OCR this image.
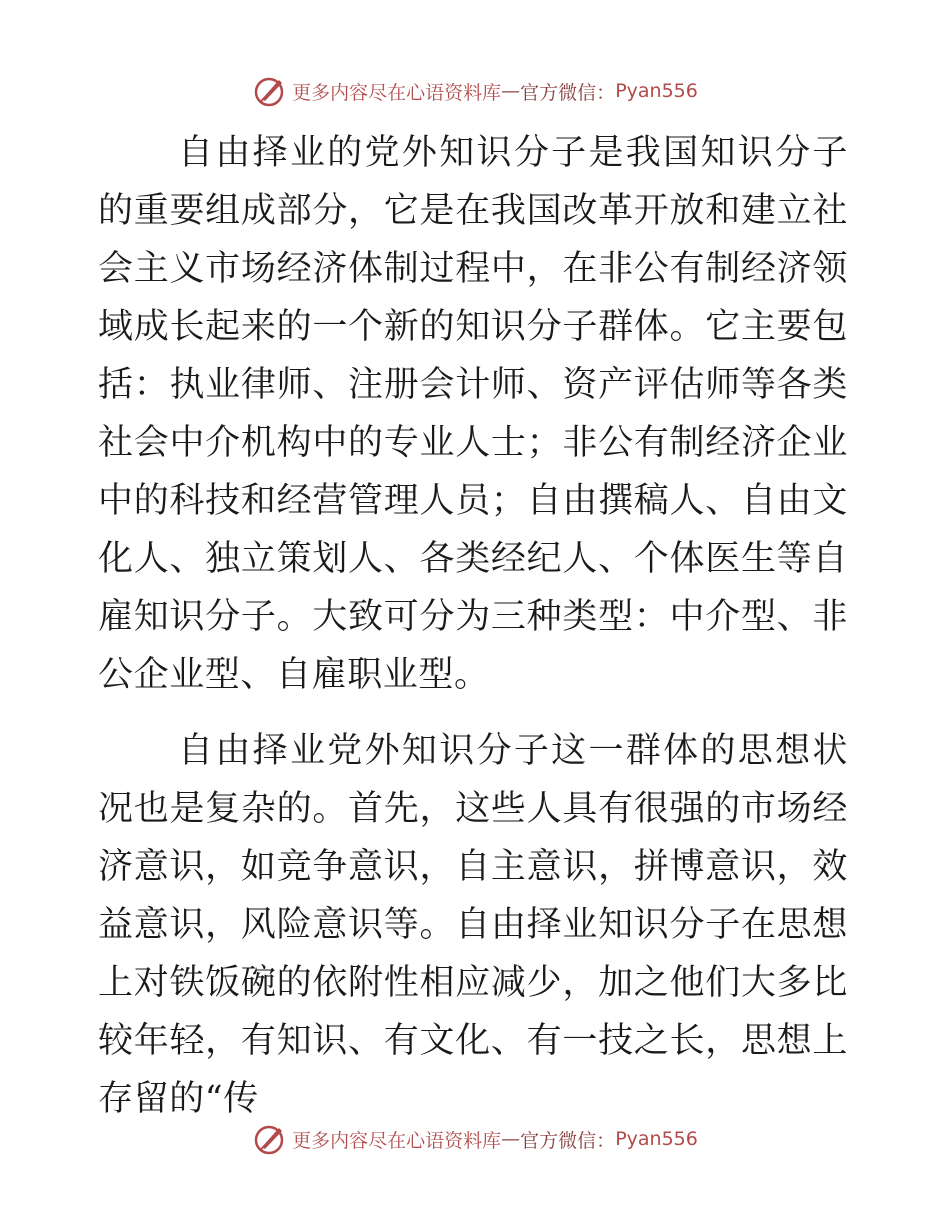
更多内容尽在心语资料库 — 官方微信： Pyan556

自由择业的党外知识分子是我国知识分子的重要组成部分，它是在我国改革开放和建立社会主义市场经济体制过程中，在非公有制经济领域成长起来的一个新的知识分子群体。它主要包括：执业律师、注册会计师、资产评估师等各类社会中介机构中的专业人士；非公有制经济企业中的科技和经营管理人员；自由撰稿人、自由文化人、独立策划人、各类经纪人、个体医生等自雇知识分子。大致可分为三种类型：中介型、非公企业型、自雇职业型。

自由择业党外知识分子这一群体的思想状况也是复杂的。首先，这些人具有很强的市场经济意识，如竞争意识，自主意识，拼博意识，效益意识，风险意识等。自由择业知识分子在思想上对铁饭碗的依附性相应减少，加之他们大多比较年轻，有知识、有文化、有一技之长，思想上存留的“传

更多内容尽在心语资料库 — 官方微信： Pyan556
